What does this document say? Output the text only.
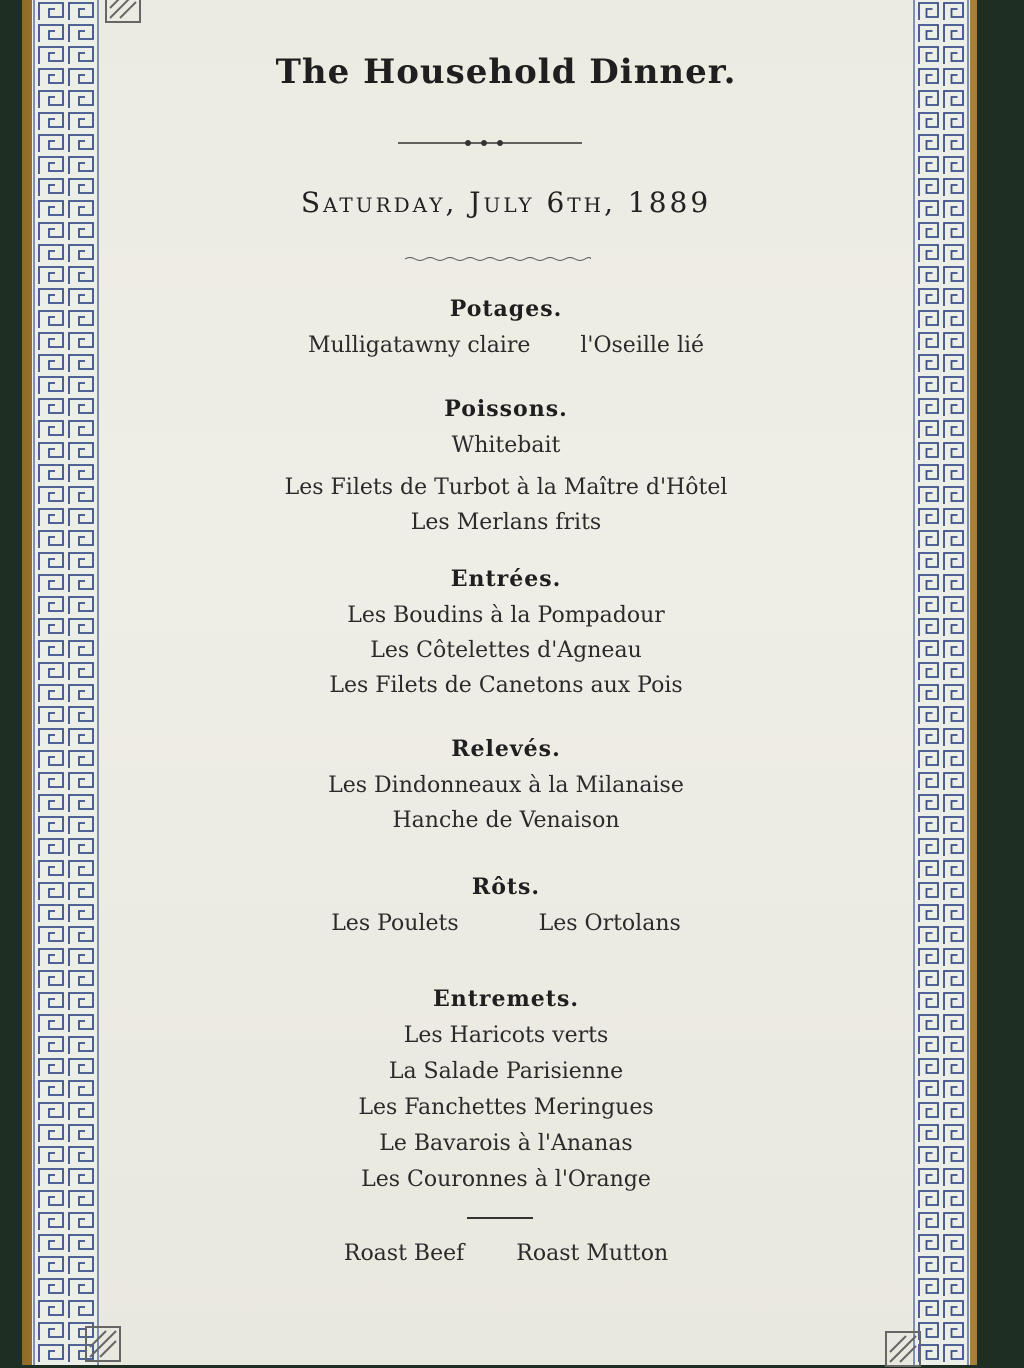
The Household Dinner.
Saturday, July 6th, 1889
Potages.
Mulligatawny claire l'Oseille lié
Poissons.
Whitebait
Les Filets de Turbot à la Maître d'Hôtel
Les Merlans frits
Entrées.
Les Boudins à la Pompadour
Les Côtelettes d'Agneau
Les Filets de Canetons aux Pois
Relevés.
Les Dindonneaux à la Milanaise
Hanche de Venaison
Rôts.
Les Poulets	Les Ortolans
Entremets.
Les Haricots verts
La Salade Parisienne
Les Fanchettes Meringues
Le Bavarois à l'Ananas
Les Couronnes à l'Orange
Roast Beef Roast Mutton
